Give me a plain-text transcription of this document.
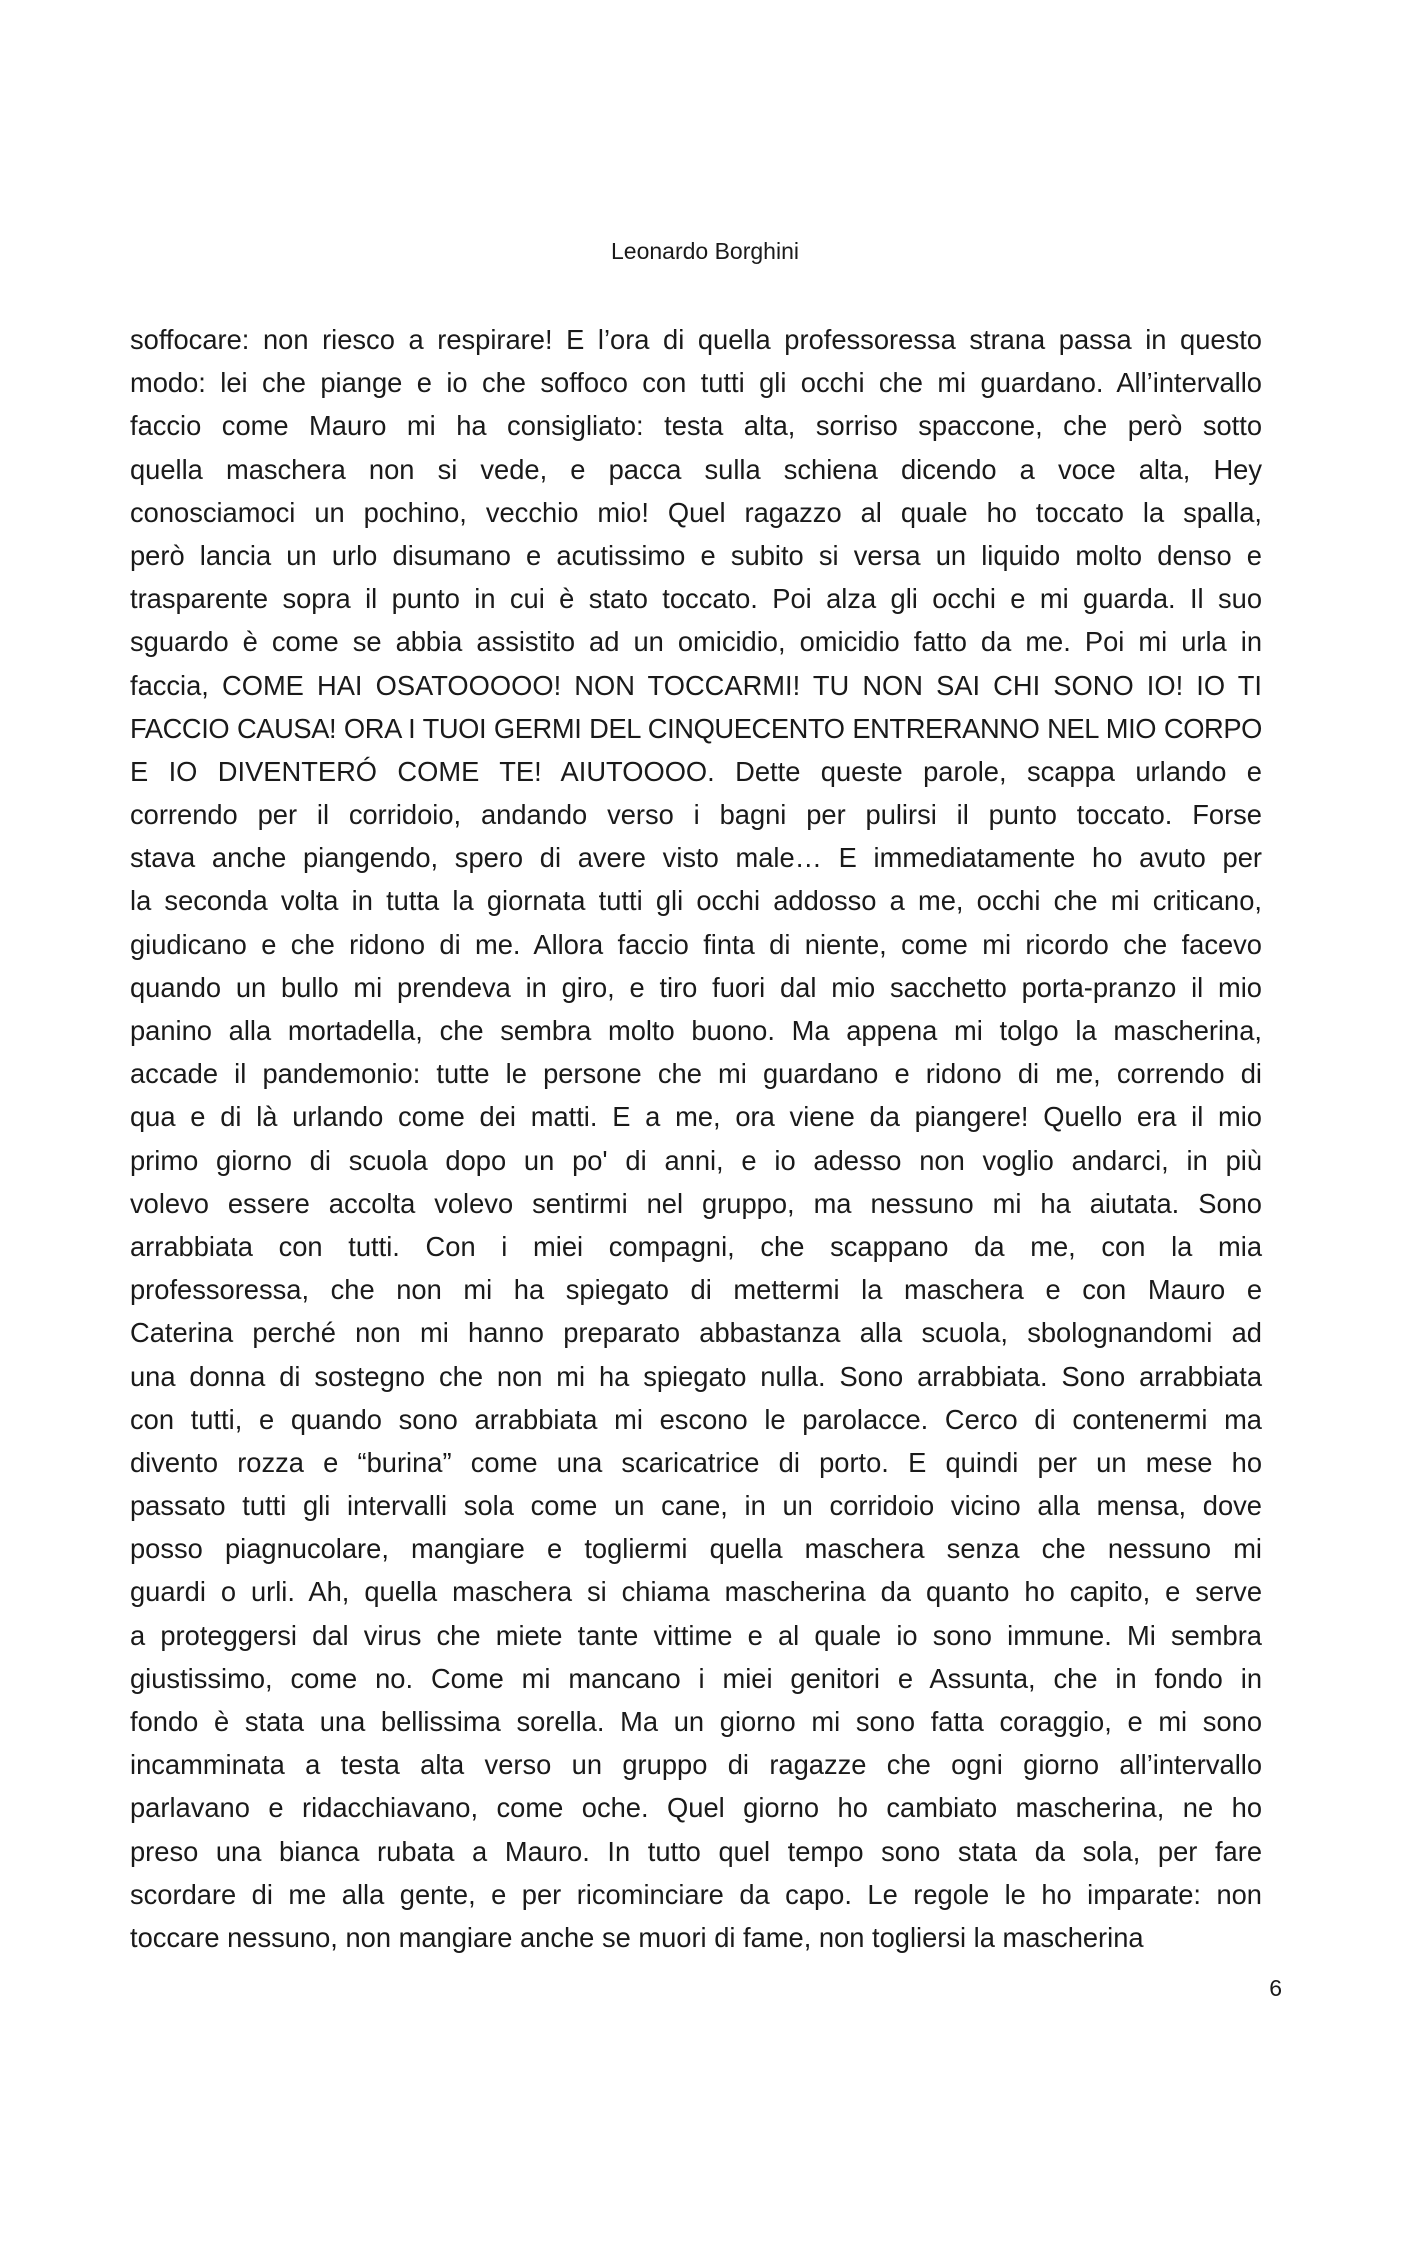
Leonardo Borghini
soffocare: non riesco a respirare! E l’ora di quella professoressa strana passa in questo
modo: lei che piange e io che soffoco con tutti gli occhi che mi guardano. All’intervallo
faccio come Mauro mi ha consigliato: testa alta, sorriso spaccone, che però sotto
quella maschera non si vede, e pacca sulla schiena dicendo a voce alta, Hey
conosciamoci un pochino, vecchio mio! Quel ragazzo al quale ho toccato la spalla,
però lancia un urlo disumano e acutissimo e subito si versa un liquido molto denso e
trasparente sopra il punto in cui è stato toccato. Poi alza gli occhi e mi guarda. Il suo
sguardo è come se abbia assistito ad un omicidio, omicidio fatto da me. Poi mi urla in
faccia, COME HAI OSATOOOOO! NON TOCCARMI! TU NON SAI CHI SONO IO! IO TI
FACCIO CAUSA! ORA I TUOI GERMI DEL CINQUECENTO ENTRERANNO NEL MIO CORPO
E IO DIVENTERÓ COME TE! AIUTOOOO. Dette queste parole, scappa urlando e
correndo per il corridoio, andando verso i bagni per pulirsi il punto toccato. Forse
stava anche piangendo, spero di avere visto male… E immediatamente ho avuto per
la seconda volta in tutta la giornata tutti gli occhi addosso a me, occhi che mi criticano,
giudicano e che ridono di me. Allora faccio finta di niente, come mi ricordo che facevo
quando un bullo mi prendeva in giro, e tiro fuori dal mio sacchetto porta-pranzo il mio
panino alla mortadella, che sembra molto buono. Ma appena mi tolgo la mascherina,
accade il pandemonio: tutte le persone che mi guardano e ridono di me, correndo di
qua e di là urlando come dei matti. E a me, ora viene da piangere! Quello era il mio
primo giorno di scuola dopo un po' di anni, e io adesso non voglio andarci, in più
volevo essere accolta volevo sentirmi nel gruppo, ma nessuno mi ha aiutata. Sono
arrabbiata con tutti. Con i miei compagni, che scappano da me, con la mia
professoressa, che non mi ha spiegato di mettermi la maschera e con Mauro e
Caterina perché non mi hanno preparato abbastanza alla scuola, sbolognandomi ad
una donna di sostegno che non mi ha spiegato nulla. Sono arrabbiata. Sono arrabbiata
con tutti, e quando sono arrabbiata mi escono le parolacce. Cerco di contenermi ma
divento rozza e “burina” come una scaricatrice di porto. E quindi per un mese ho
passato tutti gli intervalli sola come un cane, in un corridoio vicino alla mensa, dove
posso piagnucolare, mangiare e togliermi quella maschera senza che nessuno mi
guardi o urli. Ah, quella maschera si chiama mascherina da quanto ho capito, e serve
a proteggersi dal virus che miete tante vittime e al quale io sono immune. Mi sembra
giustissimo, come no. Come mi mancano i miei genitori e Assunta, che in fondo in
fondo è stata una bellissima sorella. Ma un giorno mi sono fatta coraggio, e mi sono
incamminata a testa alta verso un gruppo di ragazze che ogni giorno all’intervallo
parlavano e ridacchiavano, come oche. Quel giorno ho cambiato mascherina, ne ho
preso una bianca rubata a Mauro. In tutto quel tempo sono stata da sola, per fare
scordare di me alla gente, e per ricominciare da capo. Le regole le ho imparate: non
toccare nessuno, non mangiare anche se muori di fame, non togliersi la mascherina
6
